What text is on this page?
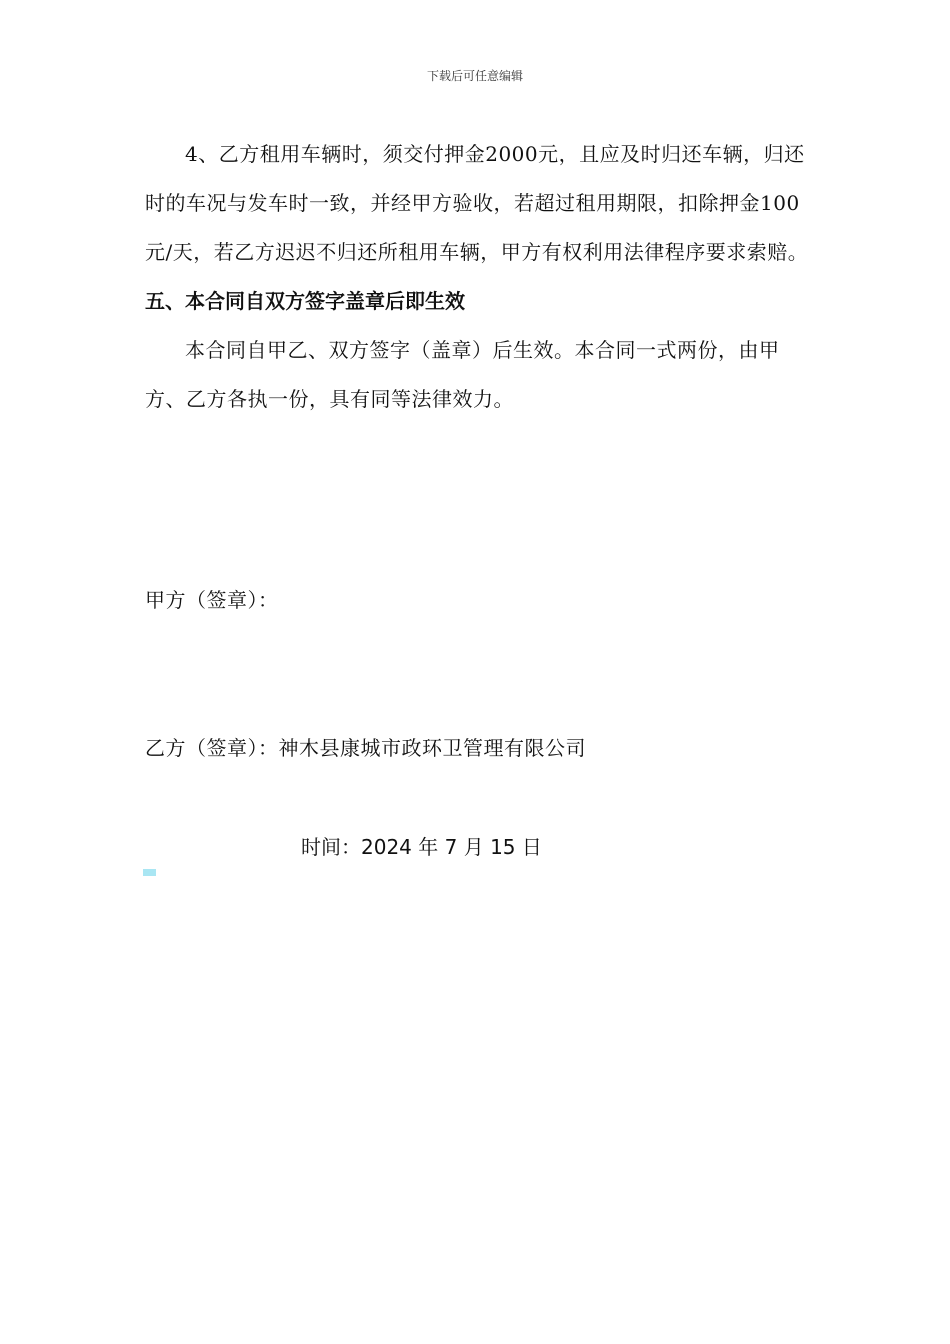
下载后可任意编辑

4、乙方租用车辆时，须交付押金2000元，且应及时归还车辆，归还时的车况与发车时一致，并经甲方验收，若超过租用期限，扣除押金100元/天，若乙方迟迟不归还所租用车辆，甲方有权利用法律程序要求索赔。

五、本合同自双方签字盖章后即生效

本合同自甲乙、双方签字（盖章）后生效。本合同一式两份，由甲方、乙方各执一份，具有同等法律效力。

甲方（签章）：
乙方（签章）：神木县康城市政环卫管理有限公司
时间：2024 年 7 月 15 日
